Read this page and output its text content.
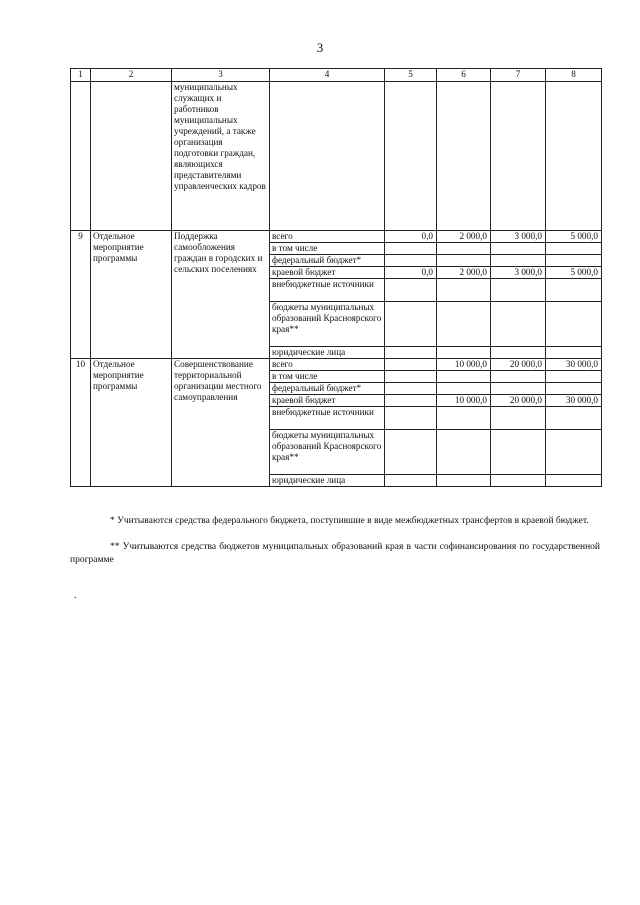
3
1	2	3	4	5	6	7	8
		муниципальных служащих и работников муниципальных учреждений, а также организация подготовки граждан, являющихся представителями управленческих кадров					
9	Отдельное мероприятие программы	Поддержка самообложения граждан в городских и сельских поселениях	всего	0,0	2 000,0	3 000,0	5 000,0
			в том числе				
			федеральный бюджет*				
			краевой бюджет	0,0	2 000,0	3 000,0	5 000,0
			внебюджетные источники				
			бюджеты муниципальных образований Красноярского края**				
			юридические лица				
10	Отдельное мероприятие программы	Совершенствование территориальной организации местного самоуправления	всего		10 000,0	20 000,0	30 000,0
			в том числе				
			федеральный бюджет*				
			краевой бюджет		10 000,0	20 000,0	30 000,0
			внебюджетные источники				
			бюджеты муниципальных образований Красноярского края**				
			юридические лица				
* Учитываются средства федерального бюджета, поступившие в виде межбюджетных трансфертов в краевой бюджет.
** Учитываются средства бюджетов муниципальных образований края в части софинансирования по государственной программе
.
